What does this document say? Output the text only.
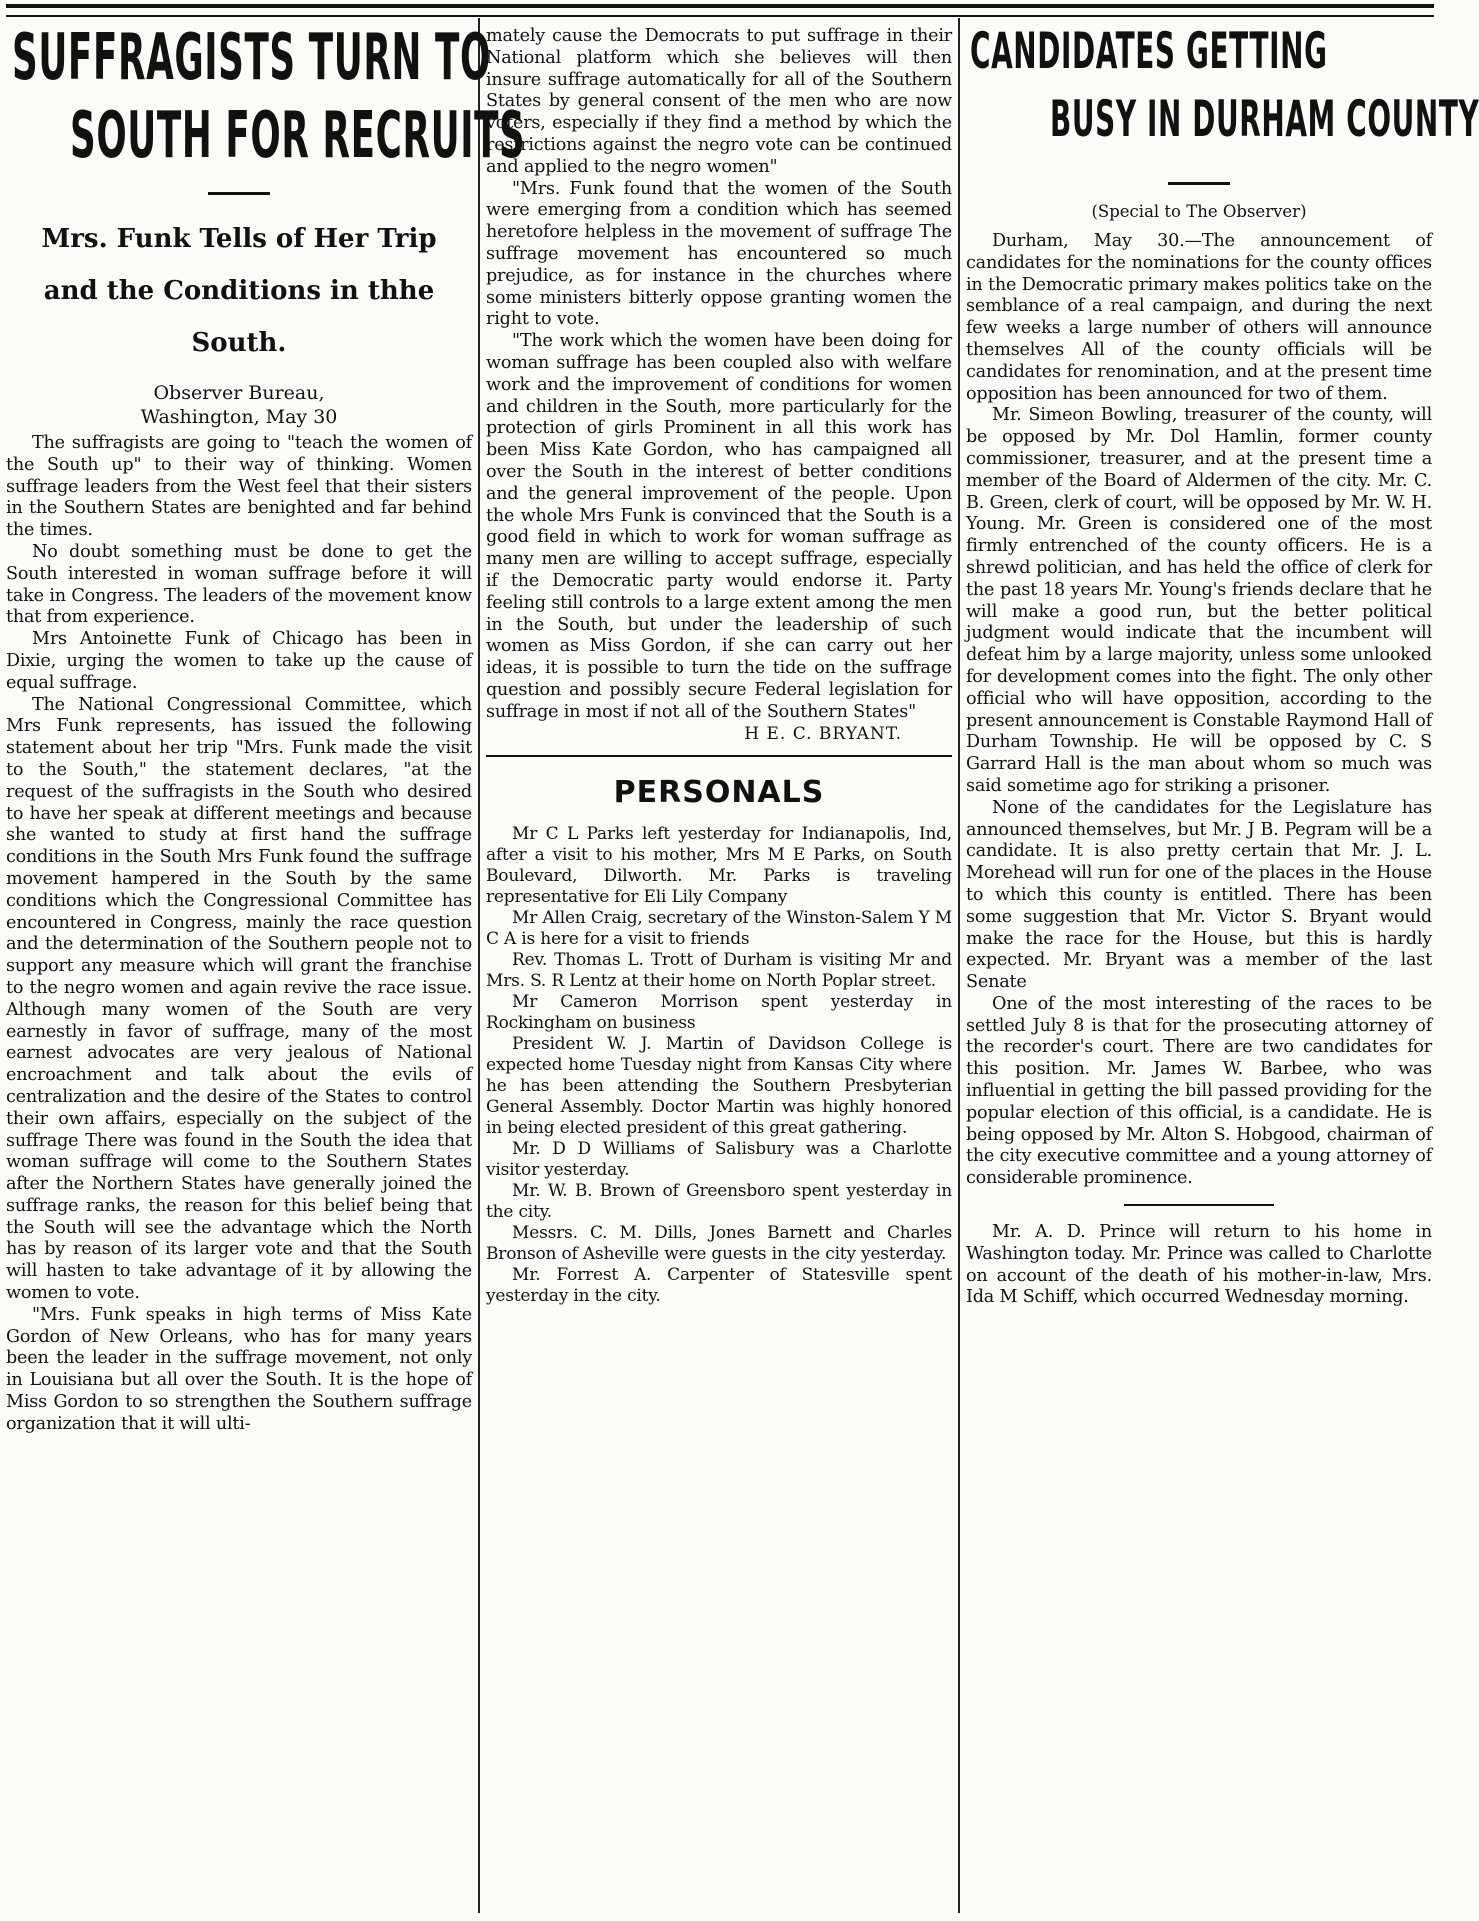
SUFFRAGISTS TURN TO
SOUTH FOR RECRUITS
Mrs. Funk Tells of Her Trip
and the Conditions in thhe
South.
Observer Bureau,
Washington, May 30

The suffragists are going to "teach the women of the South up" to their way of thinking. Women suffrage leaders from the West feel that their sisters in the Southern States are benighted and far behind the times.

No doubt something must be done to get the South interested in woman suffrage before it will take in Congress. The leaders of the movement know that from experience.

Mrs Antoinette Funk of Chicago has been in Dixie, urging the women to take up the cause of equal suffrage.

The National Congressional Committee, which Mrs Funk represents, has issued the following statement about her trip "Mrs. Funk made the visit to the South," the statement declares, "at the request of the suffragists in the South who desired to have her speak at different meetings and because she wanted to study at first hand the suffrage conditions in the South Mrs Funk found the suffrage movement hampered in the South by the same conditions which the Congressional Committee has encountered in Congress, mainly the race question and the determination of the Southern people not to support any measure which will grant the franchise to the negro women and again revive the race issue. Although many women of the South are very earnestly in favor of suffrage, many of the most earnest advocates are very jealous of National encroachment and talk about the evils of centralization and the desire of the States to control their own affairs, especially on the subject of the suffrage There was found in the South the idea that woman suffrage will come to the Southern States after the Northern States have generally joined the suffrage ranks, the reason for this belief being that the South will see the advantage which the North has by reason of its larger vote and that the South will hasten to take advantage of it by allowing the women to vote.

"Mrs. Funk speaks in high terms of Miss Kate Gordon of New Orleans, who has for many years been the leader in the suffrage movement, not only in Louisiana but all over the South. It is the hope of Miss Gordon to so strengthen the Southern suffrage organization that it will ulti-

mately cause the Democrats to put suffrage in their National platform which she believes will then insure suffrage automatically for all of the Southern States by general consent of the men who are now voters, especially if they find a method by which the restrictions against the negro vote can be continued and applied to the negro women"

"Mrs. Funk found that the women of the South were emerging from a condition which has seemed heretofore helpless in the movement of suffrage The suffrage movement has encountered so much prejudice, as for instance in the churches where some ministers bitterly oppose granting women the right to vote.

"The work which the women have been doing for woman suffrage has been coupled also with welfare work and the improvement of conditions for women and children in the South, more particularly for the protection of girls Prominent in all this work has been Miss Kate Gordon, who has campaigned all over the South in the interest of better conditions and the general improvement of the people. Upon the whole Mrs Funk is convinced that the South is a good field in which to work for woman suffrage as many men are willing to accept suffrage, especially if the Democratic party would endorse it. Party feeling still controls to a large extent among the men in the South, but under the leadership of such women as Miss Gordon, if she can carry out her ideas, it is possible to turn the tide on the suffrage question and possibly secure Federal legislation for suffrage in most if not all of the Southern States"

H E. C. BRYANT.
PERSONALS

Mr C L Parks left yesterday for Indianapolis, Ind, after a visit to his mother, Mrs M E Parks, on South Boulevard, Dilworth. Mr. Parks is traveling representative for Eli Lily Company

Mr Allen Craig, secretary of the Winston-Salem Y M C A is here for a visit to friends

Rev. Thomas L. Trott of Durham is visiting Mr and Mrs. S. R Lentz at their home on North Poplar street.

Mr Cameron Morrison spent yesterday in Rockingham on business

President W. J. Martin of Davidson College is expected home Tuesday night from Kansas City where he has been attending the Southern Presbyterian General Assembly. Doctor Martin was highly honored in being elected president of this great gathering.

Mr. D D Williams of Salisbury was a Charlotte visitor yesterday.

Mr. W. B. Brown of Greensboro spent yesterday in the city.

Messrs. C. M. Dills, Jones Barnett and Charles Bronson of Asheville were guests in the city yesterday.

Mr. Forrest A. Carpenter of Statesville spent yesterday in the city.

CANDIDATES GETTING
BUSY IN DURHAM COUNTY
(Special to The Observer)

Durham, May 30.—The announcement of candidates for the nominations for the county offices in the Democratic primary makes politics take on the semblance of a real campaign, and during the next few weeks a large number of others will announce themselves All of the county officials will be candidates for renomination, and at the present time opposition has been announced for two of them.

Mr. Simeon Bowling, treasurer of the county, will be opposed by Mr. Dol Hamlin, former county commissioner, treasurer, and at the present time a member of the Board of Aldermen of the city. Mr. C. B. Green, clerk of court, will be opposed by Mr. W. H. Young. Mr. Green is considered one of the most firmly entrenched of the county officers. He is a shrewd politician, and has held the office of clerk for the past 18 years Mr. Young's friends declare that he will make a good run, but the better political judgment would indicate that the incumbent will defeat him by a large majority, unless some unlooked for development comes into the fight. The only other official who will have opposition, according to the present announcement is Constable Raymond Hall of Durham Township. He will be opposed by C. S Garrard Hall is the man about whom so much was said sometime ago for striking a prisoner.

None of the candidates for the Legislature has announced themselves, but Mr. J B. Pegram will be a candidate. It is also pretty certain that Mr. J. L. Morehead will run for one of the places in the House to which this county is entitled. There has been some suggestion that Mr. Victor S. Bryant would make the race for the House, but this is hardly expected. Mr. Bryant was a member of the last Senate

One of the most interesting of the races to be settled July 8 is that for the prosecuting attorney of the recorder's court. There are two candidates for this position. Mr. James W. Barbee, who was influential in getting the bill passed providing for the popular election of this official, is a candidate. He is being opposed by Mr. Alton S. Hobgood, chairman of the city executive committee and a young attorney of considerable prominence.

Mr. A. D. Prince will return to his home in Washington today. Mr. Prince was called to Charlotte on account of the death of his mother-in-law, Mrs. Ida M Schiff, which occurred Wednesday morning.
